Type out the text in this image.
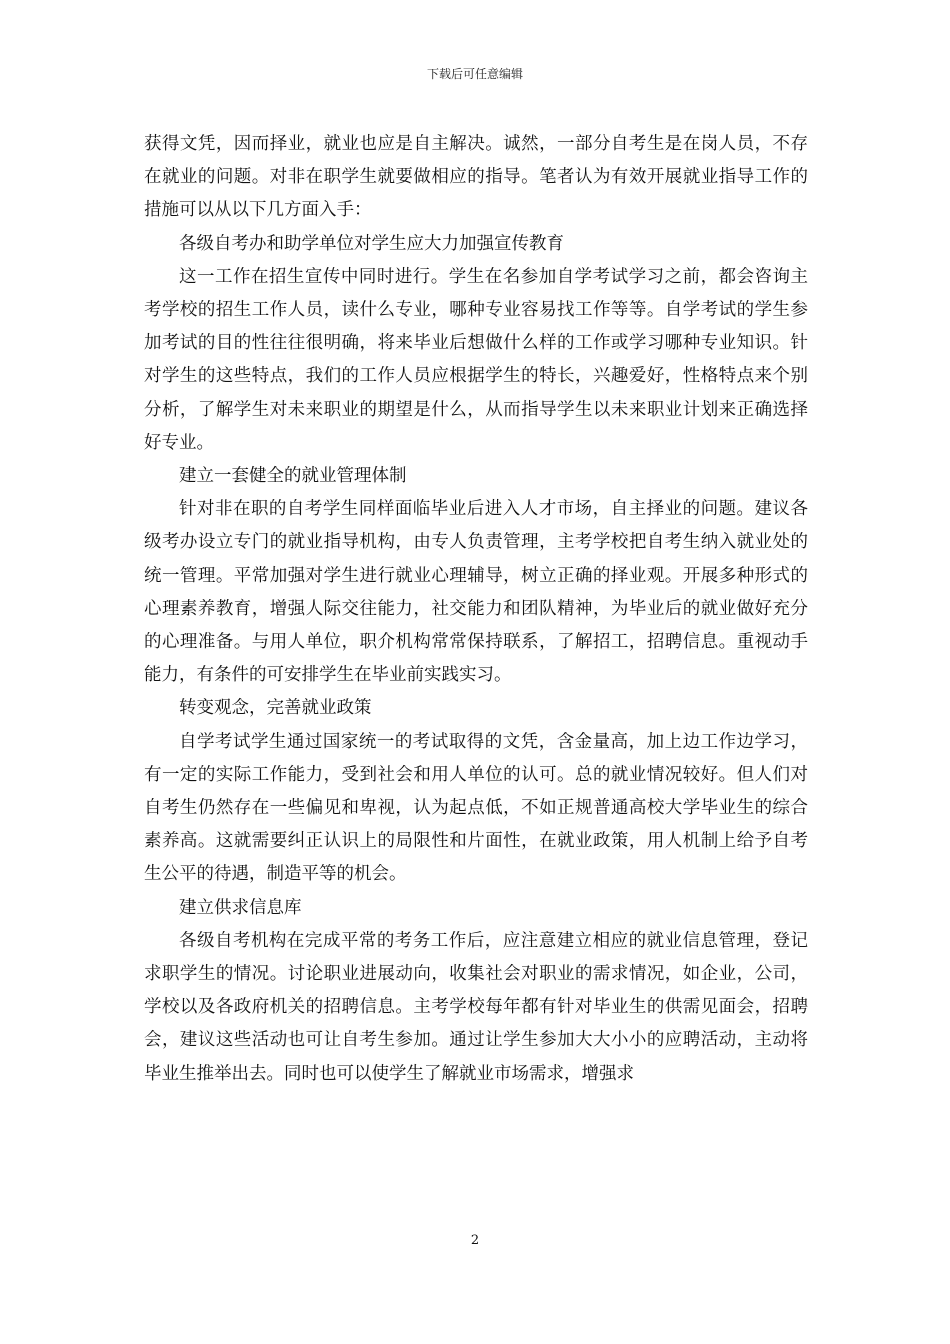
下载后可任意编辑

获得文凭，因而择业，就业也应是自主解决。诚然，一部分自考生是在岗人员，不存在就业的问题。对非在职学生就要做相应的指导。笔者认为有效开展就业指导工作的措施可以从以下几方面入手：

各级自考办和助学单位对学生应大力加强宣传教育

这一工作在招生宣传中同时进行。学生在名参加自学考试学习之前，都会咨询主考学校的招生工作人员，读什么专业，哪种专业容易找工作等等。自学考试的学生参加考试的目的性往往很明确，将来毕业后想做什么样的工作或学习哪种专业知识。针对学生的这些特点，我们的工作人员应根据学生的特长，兴趣爱好，性格特点来个别分析，了解学生对未来职业的期望是什么，从而指导学生以未来职业计划来正确选择好专业。

建立一套健全的就业管理体制

针对非在职的自考学生同样面临毕业后进入人才市场，自主择业的问题。建议各级考办设立专门的就业指导机构，由专人负责管理，主考学校把自考生纳入就业处的统一管理。平常加强对学生进行就业心理辅导，树立正确的择业观。开展多种形式的心理素养教育，增强人际交往能力，社交能力和团队精神，为毕业后的就业做好充分的心理准备。与用人单位，职介机构常常保持联系，了解招工，招聘信息。重视动手能力，有条件的可安排学生在毕业前实践实习。

转变观念，完善就业政策

自学考试学生通过国家统一的考试取得的文凭，含金量高，加上边工作边学习，有一定的实际工作能力，受到社会和用人单位的认可。总的就业情况较好。但人们对自考生仍然存在一些偏见和卑视，认为起点低，不如正规普通高校大学毕业生的综合素养高。这就需要纠正认识上的局限性和片面性，在就业政策，用人机制上给予自考生公平的待遇，制造平等的机会。

建立供求信息库

各级自考机构在完成平常的考务工作后，应注意建立相应的就业信息管理，登记求职学生的情况。讨论职业进展动向，收集社会对职业的需求情况，如企业，公司，学校以及各政府机关的招聘信息。主考学校每年都有针对毕业生的供需见面会，招聘会，建议这些活动也可让自考生参加。通过让学生参加大大小小的应聘活动，主动将毕业生推举出去。同时也可以使学生了解就业市场需求，增强求

2
